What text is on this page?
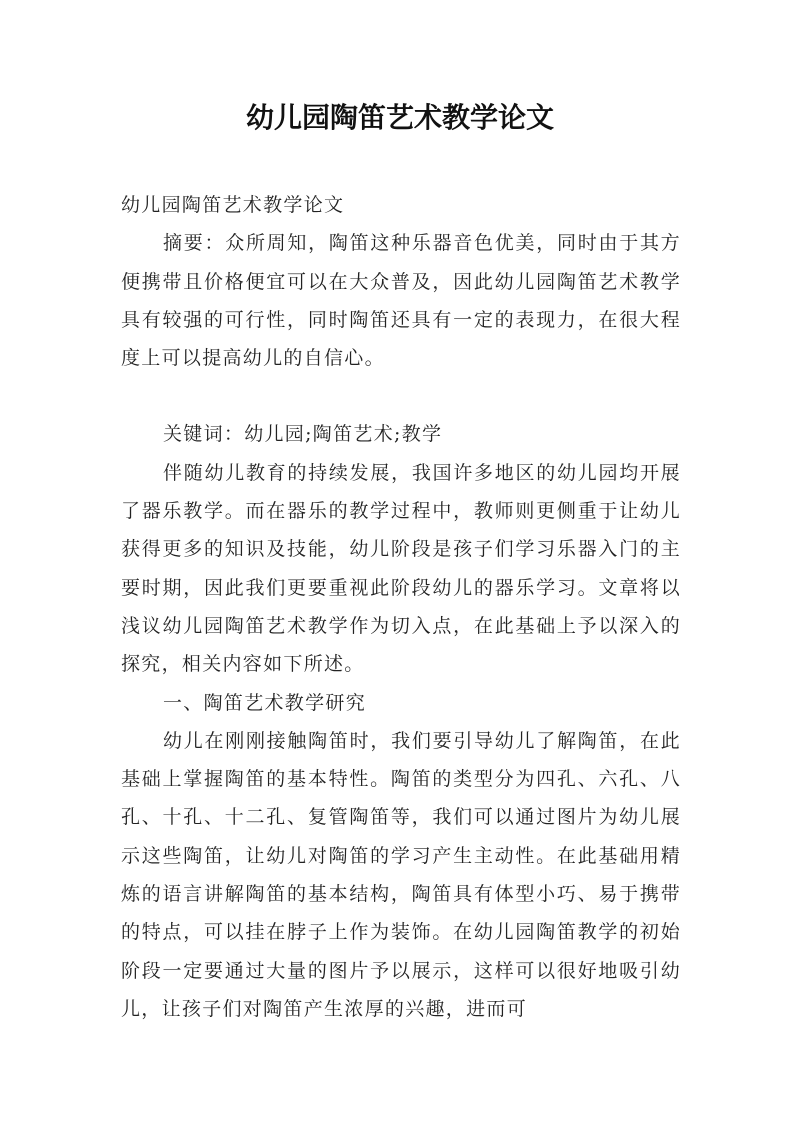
幼儿园陶笛艺术教学论文

幼儿园陶笛艺术教学论文

摘要：众所周知，陶笛这种乐器音色优美，同时由于其方便携带且价格便宜可以在大众普及，因此幼儿园陶笛艺术教学具有较强的可行性，同时陶笛还具有一定的表现力，在很大程度上可以提高幼儿的自信心。

关键词：幼儿园;陶笛艺术;教学

伴随幼儿教育的持续发展，我国许多地区的幼儿园均开展了器乐教学。而在器乐的教学过程中，教师则更侧重于让幼儿获得更多的知识及技能，幼儿阶段是孩子们学习乐器入门的主要时期，因此我们更要重视此阶段幼儿的器乐学习。文章将以浅议幼儿园陶笛艺术教学作为切入点，在此基础上予以深入的探究，相关内容如下所述。

一、陶笛艺术教学研究

幼儿在刚刚接触陶笛时，我们要引导幼儿了解陶笛，在此基础上掌握陶笛的基本特性。陶笛的类型分为四孔、六孔、八孔、十孔、十二孔、复管陶笛等，我们可以通过图片为幼儿展示这些陶笛，让幼儿对陶笛的学习产生主动性。在此基础用精炼的语言讲解陶笛的基本结构，陶笛具有体型小巧、易于携带的特点，可以挂在脖子上作为装饰。在幼儿园陶笛教学的初始阶段一定要通过大量的图片予以展示，这样可以很好地吸引幼儿，让孩子们对陶笛产生浓厚的兴趣，进而可
